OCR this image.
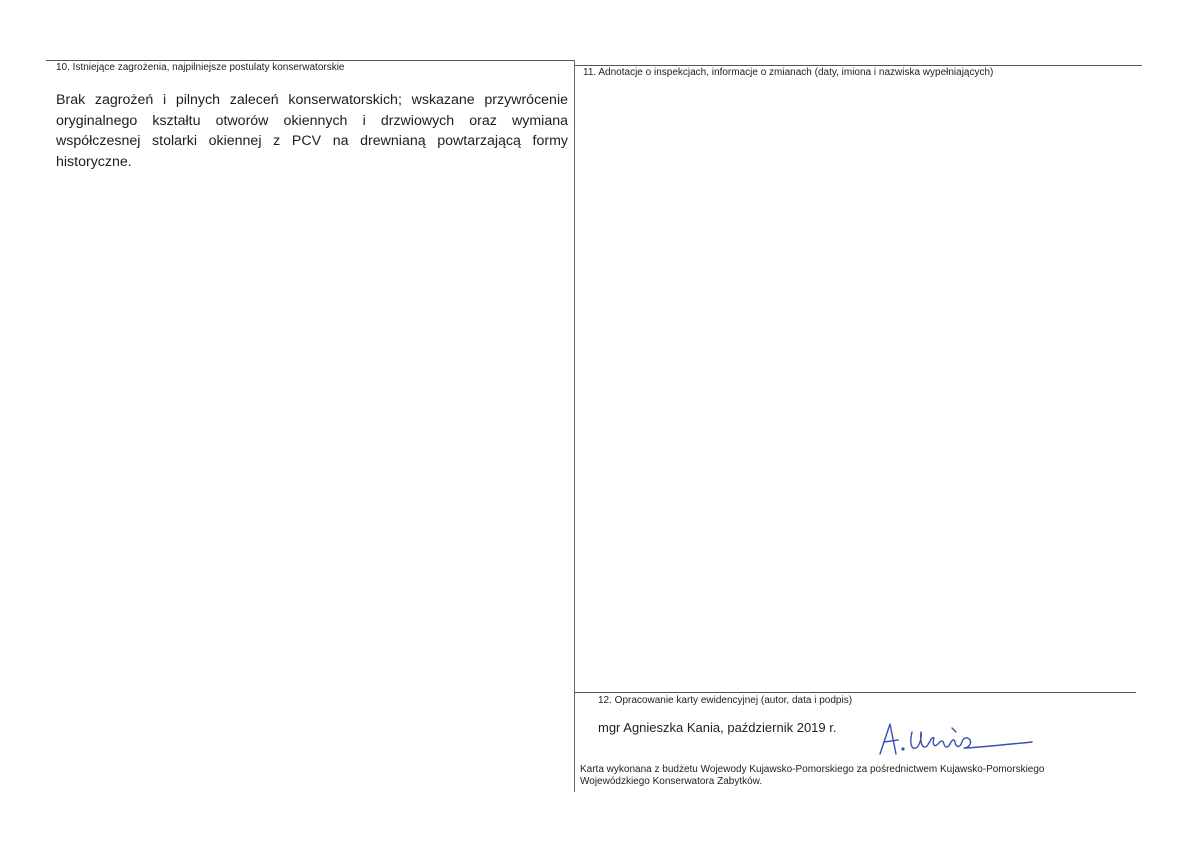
10. Istniejące zagrożenia, najpilniejsze postulaty konserwatorskie
Brak zagrożeń i pilnych zaleceń konserwatorskich; wskazane przywrócenie oryginalnego kształtu otworów okiennych i drzwiowych oraz wymiana współczesnej stolarki okiennej z PCV na drewnianą powtarzającą formy historyczne.
11. Adnotacje o inspekcjach, informacje o zmianach (daty, imiona i nazwiska wypełniających)
12. Opracowanie karty ewidencyjnej (autor, data i podpis)
mgr Agnieszka Kania, październik 2019 r.
Karta wykonana z budżetu Wojewody Kujawsko-Pomorskiego za pośrednictwem Kujawsko-Pomorskiego Wojewódzkiego Konserwatora Zabytków.
